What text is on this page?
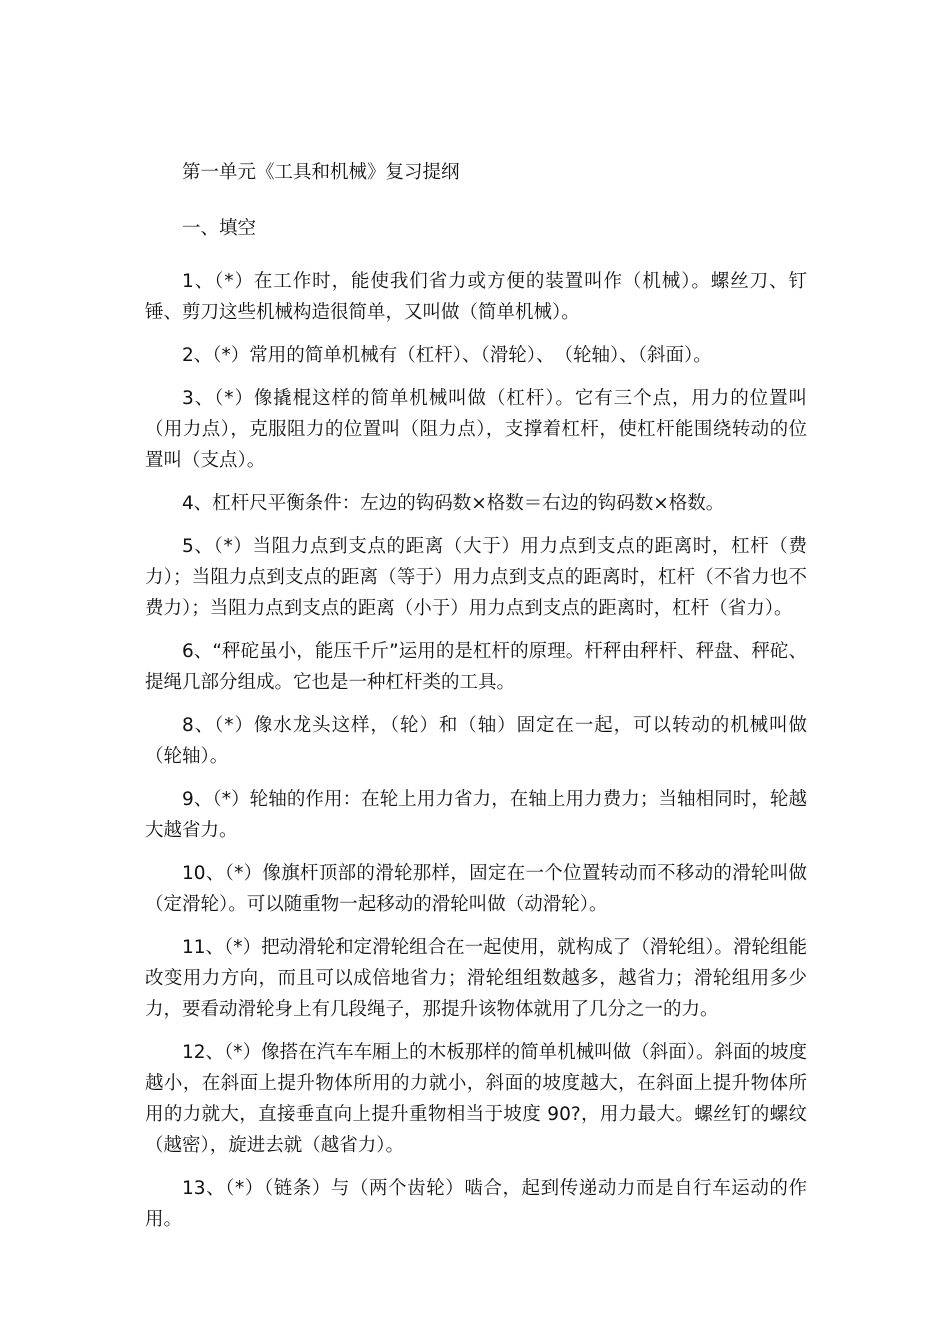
第一单元《工具和机械》复习提纲
一、填空

1、（*）在工作时，能使我们省力或方便的装置叫作（机械）。螺丝刀、钉锤、剪刀这些机械构造很简单，又叫做（简单机械）。

2、（*）常用的简单机械有（杠杆）、（滑轮）、　（轮轴）、（斜面）。

3、（*）像撬棍这样的简单机械叫做（杠杆）。它有三个点，用力的位置叫（用力点），克服阻力的位置叫（阻力点），支撑着杠杆，使杠杆能围绕转动的位置叫（支点）。

4、杠杆尺平衡条件：左边的钩码数×格数＝右边的钩码数×格数。

5、（*）当阻力点到支点的距离（大于）用力点到支点的距离时，杠杆（费力）；当阻力点到支点的距离（等于）用力点到支点的距离时，杠杆（不省力也不费力）；当阻力点到支点的距离（小于）用力点到支点的距离时，杠杆（省力）。

6、“秤砣虽小，能压千斤”运用的是杠杆的原理。杆秤由秤杆、秤盘、秤砣、提绳几部分组成。它也是一种杠杆类的工具。

8、（*）像水龙头这样，（轮）和（轴）固定在一起，可以转动的机械叫做（轮轴）。

9、（*）轮轴的作用：在轮上用力省力，在轴上用力费力；当轴相同时，轮越大越省力。

10、（*）像旗杆顶部的滑轮那样，固定在一个位置转动而不移动的滑轮叫做（定滑轮）。可以随重物一起移动的滑轮叫做（动滑轮）。

11、（*）把动滑轮和定滑轮组合在一起使用，就构成了（滑轮组）。滑轮组能改变用力方向，而且可以成倍地省力；滑轮组组数越多，越省力；滑轮组用多少力，要看动滑轮身上有几段绳子，那提升该物体就用了几分之一的力。

12、（*）像搭在汽车车厢上的木板那样的简单机械叫做（斜面）。斜面的坡度越小，在斜面上提升物体所用的力就小，斜面的坡度越大，在斜面上提升物体所用的力就大，直接垂直向上提升重物相当于坡度 90?，用力最大。螺丝钉的螺纹（越密），旋进去就（越省力）。

13、（*）（链条）与（两个齿轮）啮合，起到传递动力而是自行车运动的作用。
